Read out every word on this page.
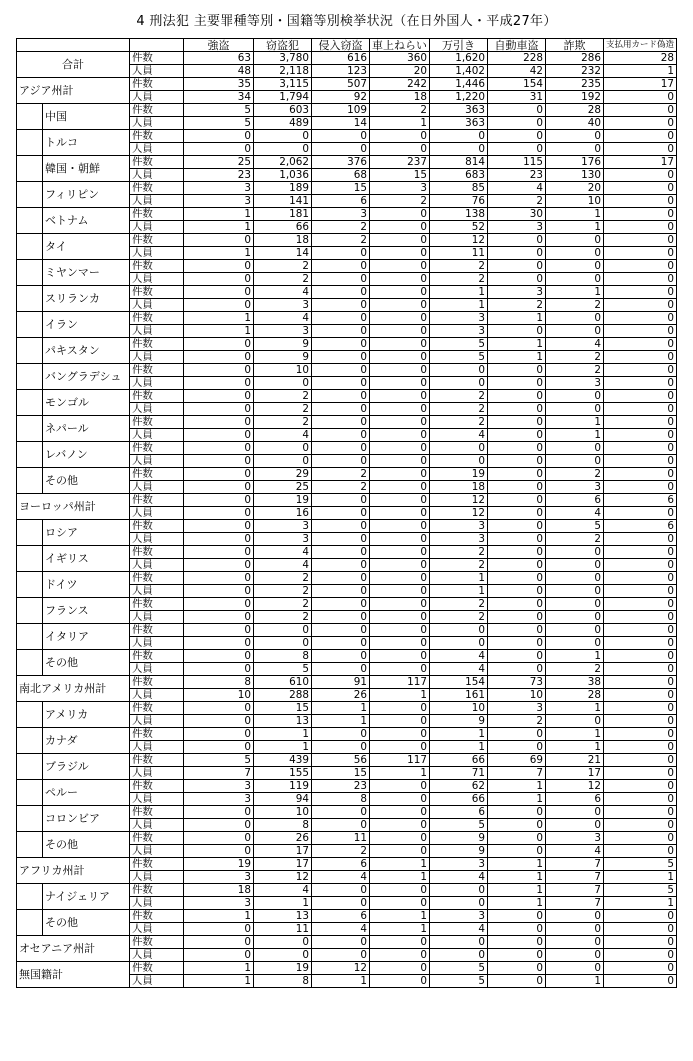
4 刑法犯 主要罪種等別・国籍等別検挙状況（在日外国人・平成27年）
			強盗	窃盗犯	侵入窃盗	車上ねらい	万引き	自動車盗	詐欺	支払用カード偽造
合計		件数	63	3,780	616	360	1,620	228	286	28
		人員	48	2,118	123	20	1,402	42	232	1
アジア州計		件数	35	3,115	507	242	1,446	154	235	17
		人員	34	1,794	92	18	1,220	31	192	0
	中国	件数	5	603	109	2	363	0	28	0
		人員	5	489	14	1	363	0	40	0
	トルコ	件数	0	0	0	0	0	0	0	0
		人員	0	0	0	0	0	0	0	0
	韓国・朝鮮	件数	25	2,062	376	237	814	115	176	17
		人員	23	1,036	68	15	683	23	130	0
	フィリピン	件数	3	189	15	3	85	4	20	0
		人員	3	141	6	2	76	2	10	0
	ベトナム	件数	1	181	3	0	138	30	1	0
		人員	1	66	2	0	52	3	1	0
	タイ	件数	0	18	2	0	12	0	0	0
		人員	1	14	0	0	11	0	0	0
	ミヤンマー	件数	0	2	0	0	2	0	0	0
		人員	0	2	0	0	2	0	0	0
	スリランカ	件数	0	4	0	0	1	3	1	0
		人員	0	3	0	0	1	2	2	0
	イラン	件数	1	4	0	0	3	1	0	0
		人員	1	3	0	0	3	0	0	0
	パキスタン	件数	0	9	0	0	5	1	4	0
		人員	0	9	0	0	5	1	2	0
	バングラデシュ	件数	0	10	0	0	0	0	2	0
		人員	0	0	0	0	0	0	3	0
	モンゴル	件数	0	2	0	0	2	0	0	0
		人員	0	2	0	0	2	0	0	0
	ネパール	件数	0	2	0	0	2	0	1	0
		人員	0	4	0	0	4	0	1	0
	レバノン	件数	0	0	0	0	0	0	0	0
		人員	0	0	0	0	0	0	0	0
	その他	件数	0	29	2	0	19	0	2	0
		人員	0	25	2	0	18	0	3	0
ヨーロッパ州計		件数	0	19	0	0	12	0	6	6
		人員	0	16	0	0	12	0	4	0
	ロシア	件数	0	3	0	0	3	0	5	6
		人員	0	3	0	0	3	0	2	0
	イギリス	件数	0	4	0	0	2	0	0	0
		人員	0	4	0	0	2	0	0	0
	ドイツ	件数	0	2	0	0	1	0	0	0
		人員	0	2	0	0	1	0	0	0
	フランス	件数	0	2	0	0	2	0	0	0
		人員	0	2	0	0	2	0	0	0
	イタリア	件数	0	0	0	0	0	0	0	0
		人員	0	0	0	0	0	0	0	0
	その他	件数	0	8	0	0	4	0	1	0
		人員	0	5	0	0	4	0	2	0
南北アメリカ州計		件数	8	610	91	117	154	73	38	0
		人員	10	288	26	1	161	10	28	0
	アメリカ	件数	0	15	1	0	10	3	1	0
		人員	0	13	1	0	9	2	0	0
	カナダ	件数	0	1	0	0	1	0	1	0
		人員	0	1	0	0	1	0	1	0
	ブラジル	件数	5	439	56	117	66	69	21	0
		人員	7	155	15	1	71	7	17	0
	ペルー	件数	3	119	23	0	62	1	12	0
		人員	3	94	8	0	66	1	6	0
	コロンビア	件数	0	10	0	0	6	0	0	0
		人員	0	8	0	0	5	0	0	0
	その他	件数	0	26	11	0	9	0	3	0
		人員	0	17	2	0	9	0	4	0
アフリカ州計		件数	19	17	6	1	3	1	7	5
		人員	3	12	4	1	4	1	7	1
	ナイジェリア	件数	18	4	0	0	0	1	7	5
		人員	3	1	0	0	0	1	7	1
	その他	件数	1	13	6	1	3	0	0	0
		人員	0	11	4	1	4	0	0	0
オセアニア州計		件数	0	0	0	0	0	0	0	0
		人員	0	0	0	0	0	0	0	0
無国籍計		件数	1	19	12	0	5	0	0	0
		人員	1	8	1	0	5	0	1	0
